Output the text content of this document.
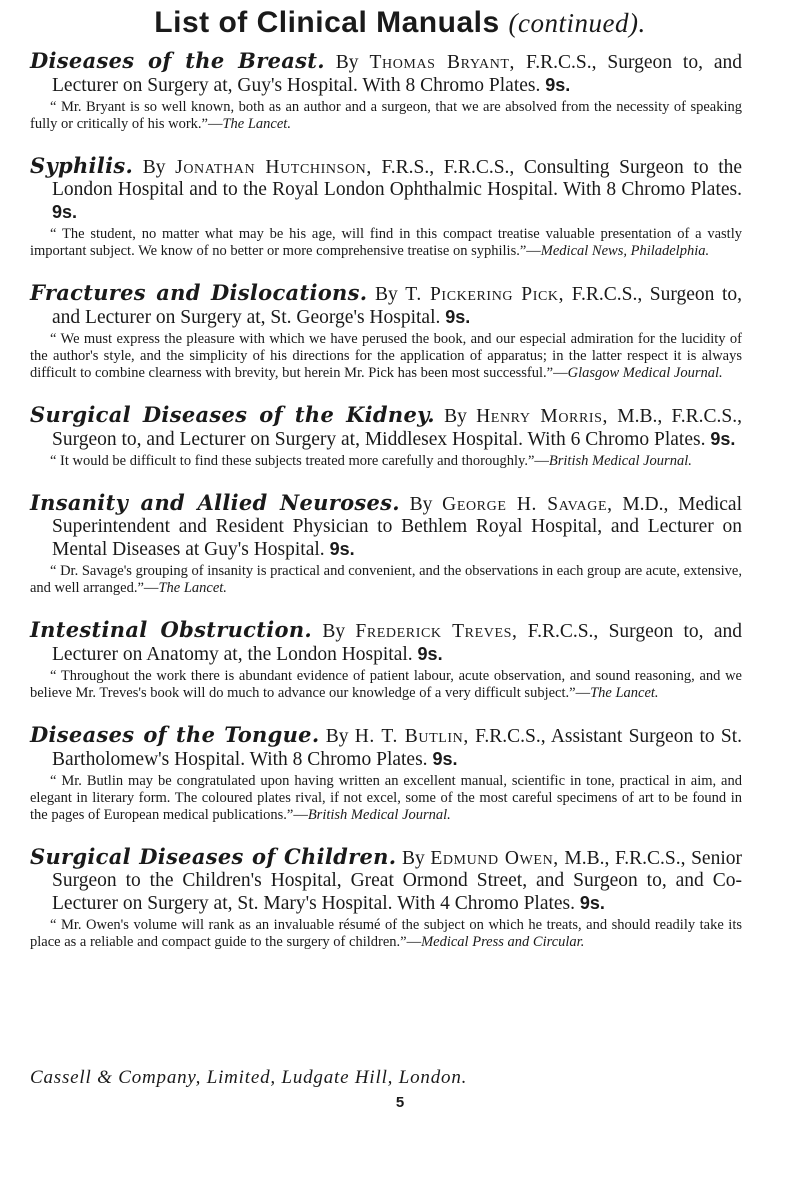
List of Clinical Manuals (continued).

Diseases of the Breast. By Thomas Bryant, F.R.C.S., Surgeon to, and Lecturer on Surgery at, Guy's Hospital. With 8 Chromo Plates. 9s.

“ Mr. Bryant is so well known, both as an author and a surgeon, that we are absolved from the necessity of speaking fully or critically of his work.”—The Lancet.

Syphilis. By Jonathan Hutchinson, F.R.S., F.R.C.S., Consulting Surgeon to the London Hospital and to the Royal London Ophthalmic Hospital. With 8 Chromo Plates. 9s.

“ The student, no matter what may be his age, will find in this compact treatise valuable presentation of a vastly important subject. We know of no better or more comprehensive treatise on syphilis.”—Medical News, Philadelphia.

Fractures and Dislocations. By T. Pickering Pick, F.R.C.S., Surgeon to, and Lecturer on Surgery at, St. George's Hospital. 9s.

“ We must express the pleasure with which we have perused the book, and our especial admiration for the lucidity of the author's style, and the simplicity of his directions for the application of apparatus; in the latter respect it is always difficult to combine clearness with brevity, but herein Mr. Pick has been most successful.”—Glasgow Medical Journal.

Surgical Diseases of the Kidney. By Henry Morris, M.B., F.R.C.S., Surgeon to, and Lecturer on Surgery at, Middlesex Hospital. With 6 Chromo Plates. 9s.

“ It would be difficult to find these subjects treated more carefully and thoroughly.”—British Medical Journal.

Insanity and Allied Neuroses. By George H. Savage, M.D., Medical Superintendent and Resident Physician to Bethlem Royal Hospital, and Lecturer on Mental Diseases at Guy's Hospital. 9s.

“ Dr. Savage's grouping of insanity is practical and convenient, and the observations in each group are acute, extensive, and well arranged.”—The Lancet.

Intestinal Obstruction. By Frederick Treves, F.R.C.S., Surgeon to, and Lecturer on Anatomy at, the London Hospital. 9s.

“ Throughout the work there is abundant evidence of patient labour, acute observation, and sound reasoning, and we believe Mr. Treves's book will do much to advance our knowledge of a very difficult subject.”—The Lancet.

Diseases of the Tongue. By H. T. Butlin, F.R.C.S., Assistant Surgeon to St. Bartholomew's Hospital. With 8 Chromo Plates. 9s.

“ Mr. Butlin may be congratulated upon having written an excellent manual, scientific in tone, practical in aim, and elegant in literary form. The coloured plates rival, if not excel, some of the most careful specimens of art to be found in the pages of European medical publications.”—British Medical Journal.

Surgical Diseases of Children. By Edmund Owen, M.B., F.R.C.S., Senior Surgeon to the Children's Hospital, Great Ormond Street, and Surgeon to, and Co-Lecturer on Surgery at, St. Mary's Hospital. With 4 Chromo Plates. 9s.

“ Mr. Owen's volume will rank as an invaluable résumé of the subject on which he treats, and should readily take its place as a reliable and compact guide to the surgery of children.”—Medical Press and Circular.

Cassell & Company, Limited, Ludgate Hill, London.
5
